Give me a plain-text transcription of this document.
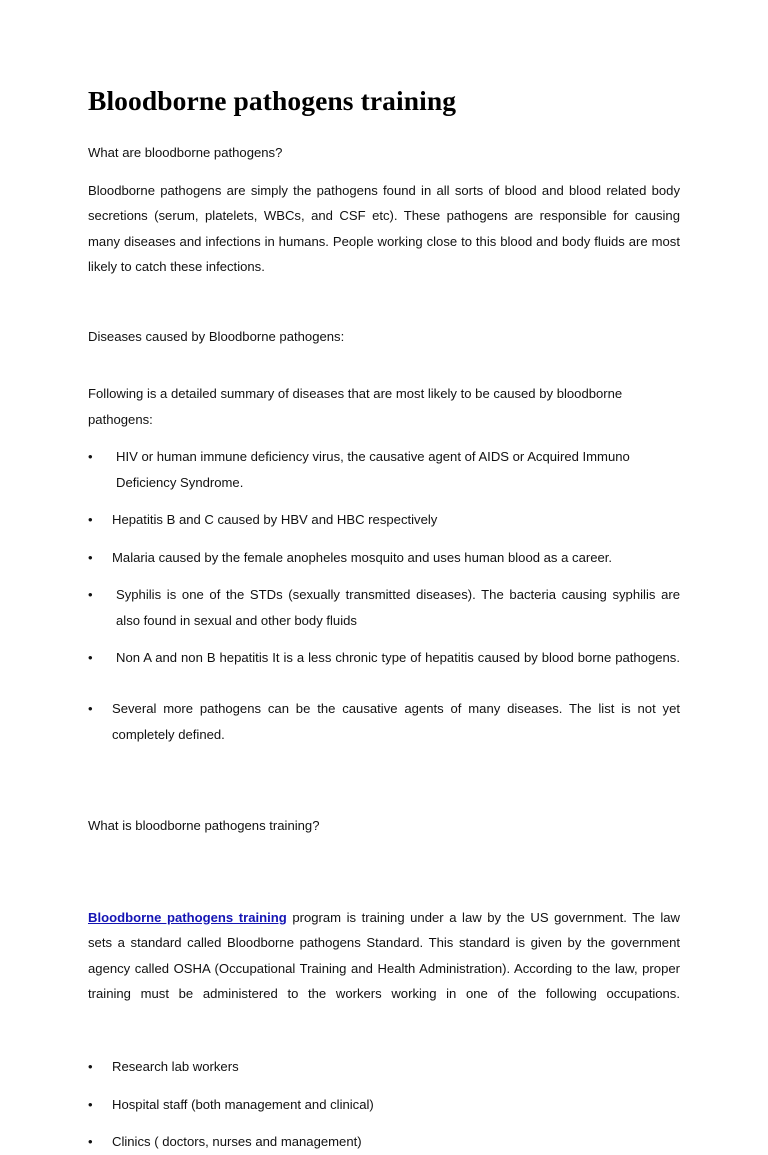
Bloodborne pathogens training

What are bloodborne pathogens?

Bloodborne pathogens are simply the pathogens found in all sorts of blood and blood related body secretions (serum, platelets, WBCs, and CSF etc). These pathogens are responsible for causing many diseases and infections in humans. People working close to this blood and body fluids are most likely to catch these infections.

Diseases caused by Bloodborne pathogens:

Following is a detailed summary of diseases that are most likely to be caused by bloodborne pathogens:

•	HIV or human immune deficiency virus, the causative agent of AIDS or Acquired Immuno Deficiency Syndrome.
•	Hepatitis B and C caused by HBV and HBC respectively
•	Malaria caused by the female anopheles mosquito and uses human blood as a career.
•	Syphilis is one of the STDs (sexually transmitted diseases). The bacteria causing syphilis are also found in sexual and other body fluids
•	Non A and non B hepatitis It is a less chronic type of hepatitis caused by blood borne pathogens.
•	Several more pathogens can be the causative agents of many diseases. The list is not yet completely defined.

What is bloodborne pathogens training?

Bloodborne pathogens training program is training under a law by the US government. The law sets a standard called Bloodborne pathogens Standard. This standard is given by the government agency called OSHA (Occupational Training and Health Administration). According to the law, proper training must be administered to the workers working in one of the following occupations.

•	Research lab workers
•	Hospital staff (both management and clinical)
•	Clinics ( doctors, nurses and management)
